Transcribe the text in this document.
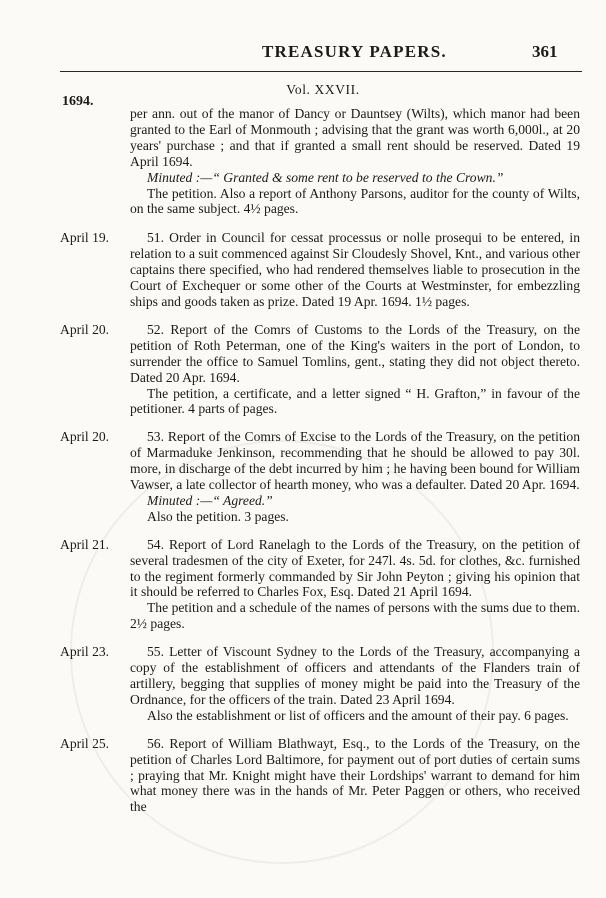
TREASURY PAPERS.	361
Vol. XXVII.
1694.
per ann. out of the manor of Dancy or Dauntsey (Wilts), which manor had been granted to the Earl of Monmouth ; advising that the grant was worth 6,000l., at 20 years' purchase ; and that if granted a small rent should be reserved. Dated 19 April 1694.
Minuted :—“ Granted & some rent to be reserved to the Crown.”
The petition. Also a report of Anthony Parsons, auditor for the county of Wilts, on the same subject. 4½ pages.
April 19.	51. Order in Council for cessat processus or nolle prosequi to be entered, in relation to a suit commenced against Sir Cloudesly Shovel, Knt., and various other captains there specified, who had rendered themselves liable to prosecution in the Court of Exchequer or some other of the Courts at Westminster, for embezzling ships and goods taken as prize. Dated 19 Apr. 1694. 1½ pages.
April 20.	52. Report of the Comrs of Customs to the Lords of the Treasury, on the petition of Roth Peterman, one of the King's waiters in the port of London, to surrender the office to Samuel Tomlins, gent., stating they did not object thereto. Dated 20 Apr. 1694.
The petition, a certificate, and a letter signed “ H. Grafton,” in favour of the petitioner. 4 parts of pages.
April 20.	53. Report of the Comrs of Excise to the Lords of the Treasury, on the petition of Marmaduke Jenkinson, recommending that he should be allowed to pay 30l. more, in discharge of the debt incurred by him ; he having been bound for William Vawser, a late collector of hearth money, who was a defaulter. Dated 20 Apr. 1694.
Minuted :—“ Agreed.”
Also the petition. 3 pages.
April 21.	54. Report of Lord Ranelagh to the Lords of the Treasury, on the petition of several tradesmen of the city of Exeter, for 247l. 4s. 5d. for clothes, &c. furnished to the regiment formerly commanded by Sir John Peyton ; giving his opinion that it should be referred to Charles Fox, Esq. Dated 21 April 1694.
The petition and a schedule of the names of persons with the sums due to them. 2½ pages.
April 23.	55. Letter of Viscount Sydney to the Lords of the Treasury, accompanying a copy of the establishment of officers and attendants of the Flanders train of artillery, begging that supplies of money might be paid into the Treasury of the Ordnance, for the officers of the train. Dated 23 April 1694.
Also the establishment or list of officers and the amount of their pay. 6 pages.
April 25.	56. Report of William Blathwayt, Esq., to the Lords of the Treasury, on the petition of Charles Lord Baltimore, for payment out of port duties of certain sums ; praying that Mr. Knight might have their Lordships' warrant to demand for him what money there was in the hands of Mr. Peter Paggen or others, who received the
